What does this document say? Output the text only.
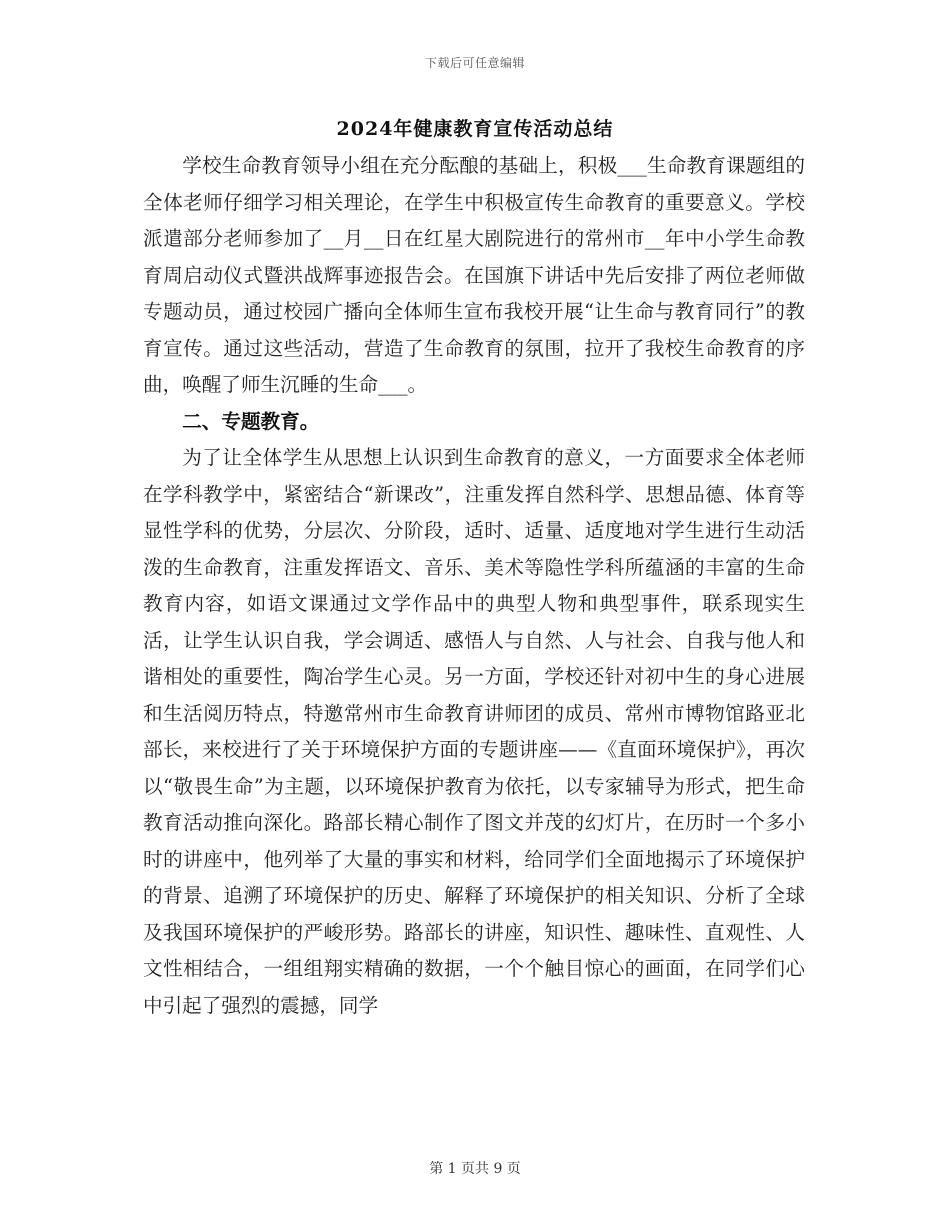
下载后可任意编辑
2024年健康教育宣传活动总结

学校生命教育领导小组在充分酝酿的基础上，积极___生命教育课题组的全体老师仔细学习相关理论，在学生中积极宣传生命教育的重要意义。学校派遣部分老师参加了__月__日在红星大剧院进行的常州市__年中小学生命教育周启动仪式暨洪战辉事迹报告会。在国旗下讲话中先后安排了两位老师做专题动员，通过校园广播向全体师生宣布我校开展“让生命与教育同行”的教育宣传。通过这些活动，营造了生命教育的氛围，拉开了我校生命教育的序曲，唤醒了师生沉睡的生命___。

二、专题教育。

为了让全体学生从思想上认识到生命教育的意义，一方面要求全体老师在学科教学中，紧密结合“新课改”，注重发挥自然科学、思想品德、体育等显性学科的优势，分层次、分阶段，适时、适量、适度地对学生进行生动活泼的生命教育，注重发挥语文、音乐、美术等隐性学科所蕴涵的丰富的生命教育内容，如语文课通过文学作品中的典型人物和典型事件，联系现实生活，让学生认识自我，学会调适、感悟人与自然、人与社会、自我与他人和谐相处的重要性，陶冶学生心灵。另一方面，学校还针对初中生的身心进展和生活阅历特点，特邀常州市生命教育讲师团的成员、常州市博物馆路亚北部长，来校进行了关于环境保护方面的专题讲座——《直面环境保护》，再次以“敬畏生命”为主题，以环境保护教育为依托，以专家辅导为形式，把生命教育活动推向深化。路部长精心制作了图文并茂的幻灯片，在历时一个多小时的讲座中，他列举了大量的事实和材料，给同学们全面地揭示了环境保护的背景、追溯了环境保护的历史、解释了环境保护的相关知识、分析了全球及我国环境保护的严峻形势。路部长的讲座，知识性、趣味性、直观性、人文性相结合，一组组翔实精确的数据，一个个触目惊心的画面，在同学们心中引起了强烈的震撼，同学

第 1 页共 9 页
